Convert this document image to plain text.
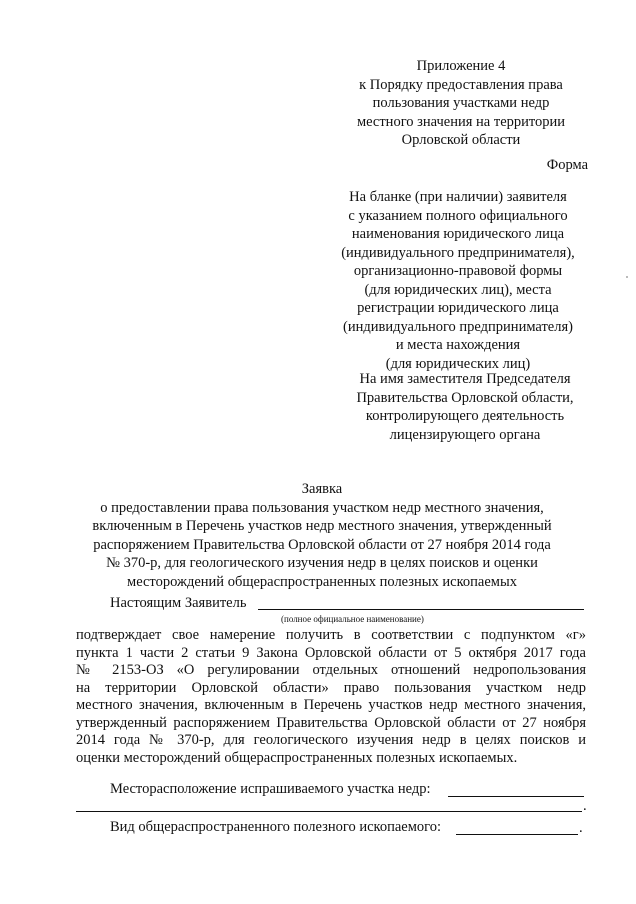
Приложение 4
к Порядку предоставления права
пользования участками недр
местного значения на территории
Орловской области
Форма
На бланке (при наличии) заявителя
с указанием полного официального
наименования юридического лица
(индивидуального предпринимателя),
организационно-правовой формы
(для юридических лиц), места
регистрации юридического лица
(индивидуального предпринимателя)
и места нахождения
(для юридических лиц)
На имя заместителя Председателя
Правительства Орловской области,
контролирующего деятельность
лицензирующего органа
Заявка
о предоставлении права пользования участком недр местного значения,
включенным в Перечень участков недр местного значения, утвержденный
распоряжением Правительства Орловской области от 27 ноября 2014 года
№ 370-р, для геологического изучения недр в целях поисков и оценки
месторождений общераспространенных полезных ископаемых
Настоящим Заявитель
(полное официальное наименование)
подтверждает свое намерение получить в соответствии с подпунктом «г»
пункта 1 части 2 статьи 9 Закона Орловской области от 5 октября 2017 года
№ 2153-ОЗ «О регулировании отдельных отношений недропользования
на территории Орловской области» право пользования участком недр
местного значения, включенным в Перечень участков недр местного значения,
утвержденный распоряжением Правительства Орловской области от 27 ноября
2014 года № 370-р, для геологического изучения недр в целях поисков и
оценки месторождений общераспространенных полезных ископаемых.
Месторасположение испрашиваемого участка недр:
.
Вид общераспространенного полезного ископаемого:	.
